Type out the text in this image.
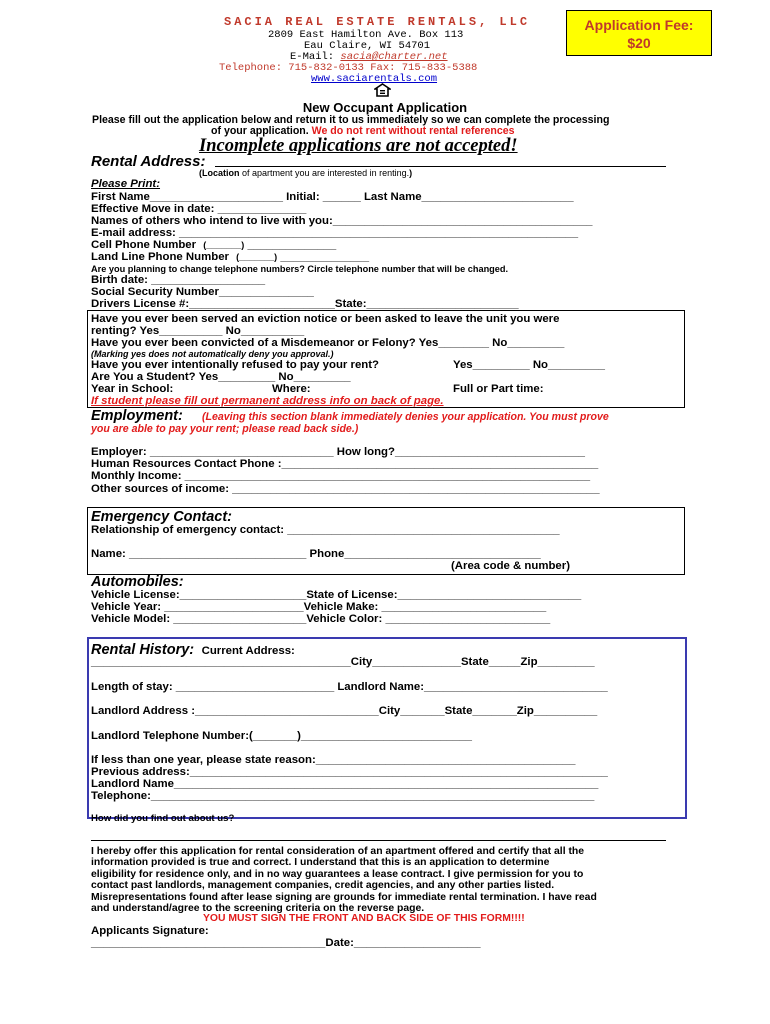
SACIA REAL ESTATE RENTALS, LLC
2809 East Hamilton Ave. Box 113
Eau Claire, WI 54701
E-Mail: sacia@charter.net
Telephone: 715-832-0133 Fax: 715-833-5388
www.saciarentals.com
Application Fee:
$20
New Occupant Application
Please fill out the application below and return it to us immediately so we can complete the processing
of your application. We do not rent without rental references
Incomplete applications are not accepted!
Rental Address:
(Location of apartment you are interested in renting.)
Please Print:
First Name_____________________ Initial: ______ Last Name________________________
Effective Move in date: ______________
Names of others who intend to live with you:_________________________________________
E-mail address: _______________________________________________________________
Cell Phone Number (_______) ______________
Land Line Phone Number (_______) ______________
Are you planning to change telephone numbers? Circle telephone number that will be changed.
Birth date: __________________
Social Security Number_______________
Drivers License #:_______________________State:________________________
Have you ever been served an eviction notice or been asked to leave the unit you were
renting? Yes__________ No__________
Have you ever been convicted of a Misdemeanor or Felony? Yes________ No_________
(Marking yes does not automatically deny you approval.)
Have you ever intentionally refused to pay your rent?	Yes_________ No_________
Are You a Student? Yes_________ No_________
Year in School:	Where:	Full or Part time:
If student please fill out permanent address info on back of page.
Employment: (Leaving this section blank immediately denies your application. You must prove
you are able to pay your rent; please read back side.)
Employer: _____________________________ How long?______________________________
Human Resources Contact Phone :__________________________________________________
Monthly Income: ________________________________________________________________
Other sources of income: __________________________________________________________
Emergency Contact:
Relationship of emergency contact: ___________________________________________
Name: ____________________________ Phone_______________________________
(Area code & number)
Automobiles:
Vehicle License:____________________State of License:_____________________________
Vehicle Year: ______________________Vehicle Make: __________________________
Vehicle Model: _____________________Vehicle Color: __________________________
Rental History: Current Address:
_________________________________________City______________State_____Zip_________
Length of stay: _________________________ Landlord Name:_____________________________
Landlord Address :_____________________________City_______State_______Zip__________
Landlord Telephone Number:(_______)___________________________
If less than one year, please state reason:_________________________________________
Previous address:__________________________________________________________________
Landlord Name___________________________________________________________________
Telephone:______________________________________________________________________
How did you find out about us?
I hereby offer this application for rental consideration of an apartment offered and certify that all the
information provided is true and correct. I understand that this is an application to determine
eligibility for residence only, and in no way guarantees a lease contract. I give permission for you to
contact past landlords, management companies, credit agencies, and any other parties listed.
Misrepresentations found after lease signing are grounds for immediate rental termination. I have read
and understand/agree to the screening criteria on the reverse page.
YOU MUST SIGN THE FRONT AND BACK SIDE OF THIS FORM!!!!
Applicants Signature:
_____________________________________Date:____________________
